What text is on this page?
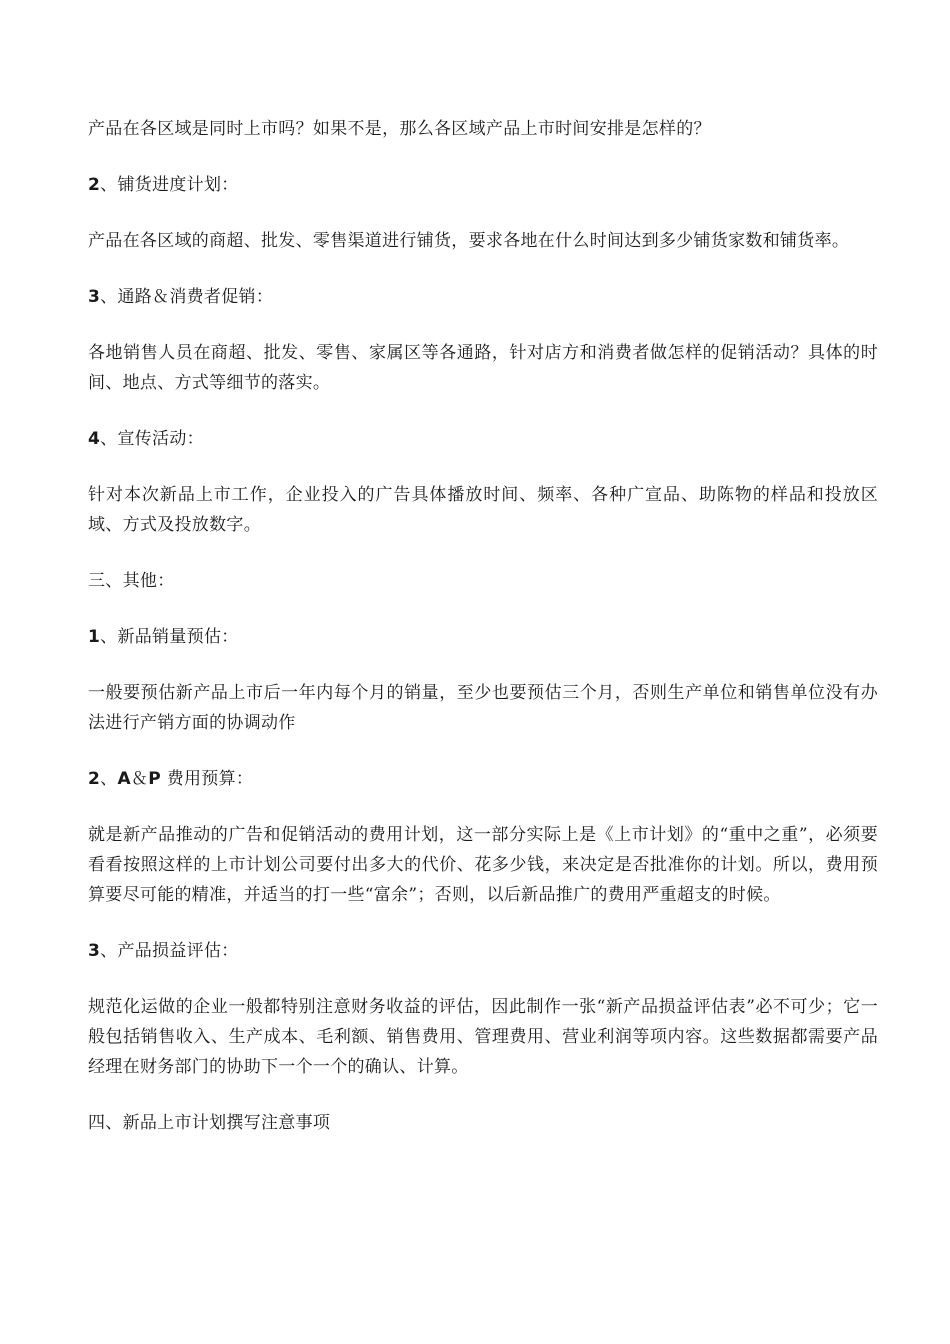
产品在各区域是同时上市吗？如果不是，那么各区域产品上市时间安排是怎样的？

2、铺货进度计划：

产品在各区域的商超、批发、零售渠道进行铺货，要求各地在什么时间达到多少铺货家数和铺货率。

3、通路＆消费者促销：

各地销售人员在商超、批发、零售、家属区等各通路，针对店方和消费者做怎样的促销活动？具体的时间、地点、方式等细节的落实。

4、宣传活动：

针对本次新品上市工作，企业投入的广告具体播放时间、频率、各种广宣品、助陈物的样品和投放区域、方式及投放数字。

三、其他：

1、新品销量预估：

一般要预估新产品上市后一年内每个月的销量，至少也要预估三个月，否则生产单位和销售单位没有办法进行产销方面的协调动作

2、A＆P 费用预算：

就是新产品推动的广告和促销活动的费用计划，这一部分实际上是《上市计划》的“重中之重”，必须要看看按照这样的上市计划公司要付出多大的代价、花多少钱，来决定是否批准你的计划。所以，费用预算要尽可能的精准，并适当的打一些“富余”；否则，以后新品推广的费用严重超支的时候。

3、产品损益评估：

规范化运做的企业一般都特别注意财务收益的评估，因此制作一张“新产品损益评估表”必不可少；它一般包括销售收入、生产成本、毛利额、销售费用、管理费用、营业利润等项内容。这些数据都需要产品经理在财务部门的协助下一个一个的确认、计算。

四、新品上市计划撰写注意事项
